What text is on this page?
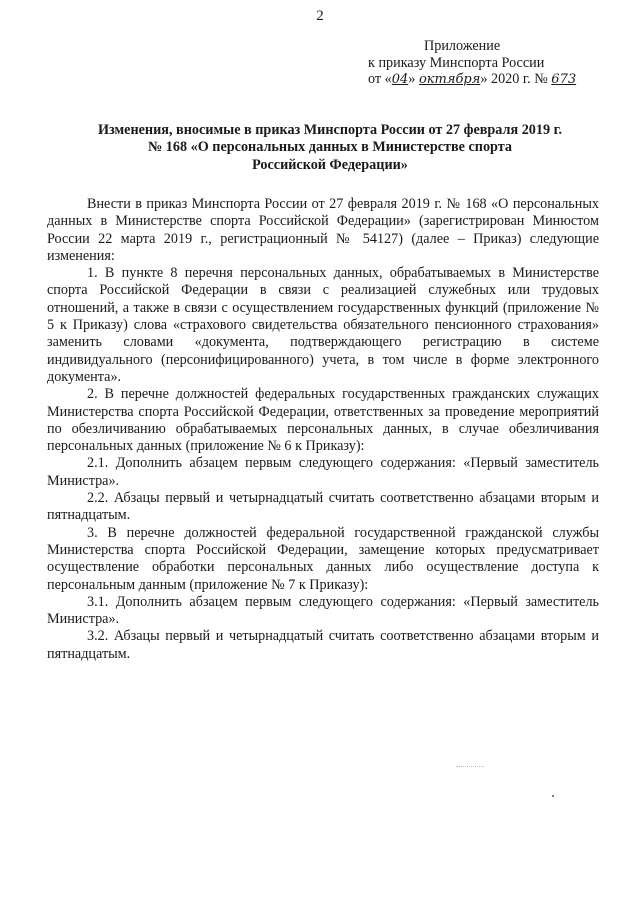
2
Приложение
к приказу Минспорта России
от «04» октября» 2020 г. № 673
Изменения, вносимые в приказ Минспорта России от 27 февраля 2019 г.
№ 168 «О персональных данных в Министерстве спорта
Российской Федерации»

Внести в приказ Минспорта России от 27 февраля 2019 г. № 168 «О персональных данных в Министерстве спорта Российской Федерации» (зарегистрирован Минюстом России 22 марта 2019 г., регистрационный № 54127) (далее – Приказ) следующие изменения:

1. В пункте 8 перечня персональных данных, обрабатываемых в Министерстве спорта Российской Федерации в связи с реализацией служебных или трудовых отношений, а также в связи с осуществлением государственных функций (приложение № 5 к Приказу) слова «страхового свидетельства обязательного пенсионного страхования» заменить словами «документа, подтверждающего регистрацию в системе индивидуального (персонифицированного) учета, в том числе в форме электронного документа».

2. В перечне должностей федеральных государственных гражданских служащих Министерства спорта Российской Федерации, ответственных за проведение мероприятий по обезличиванию обрабатываемых персональных данных, в случае обезличивания персональных данных (приложение № 6 к Приказу):

2.1. Дополнить абзацем первым следующего содержания: «Первый заместитель Министра».

2.2. Абзацы первый и четырнадцатый считать соответственно абзацами вторым и пятнадцатым.

3. В перечне должностей федеральной государственной гражданской службы Министерства спорта Российской Федерации, замещение которых предусматривает осуществление обработки персональных данных либо осуществление доступа к персональным данным (приложение № 7 к Приказу):

3.1. Дополнить абзацем первым следующего содержания: «Первый заместитель Министра».

3.2. Абзацы первый и четырнадцатый считать соответственно абзацами вторым и пятнадцатым.
